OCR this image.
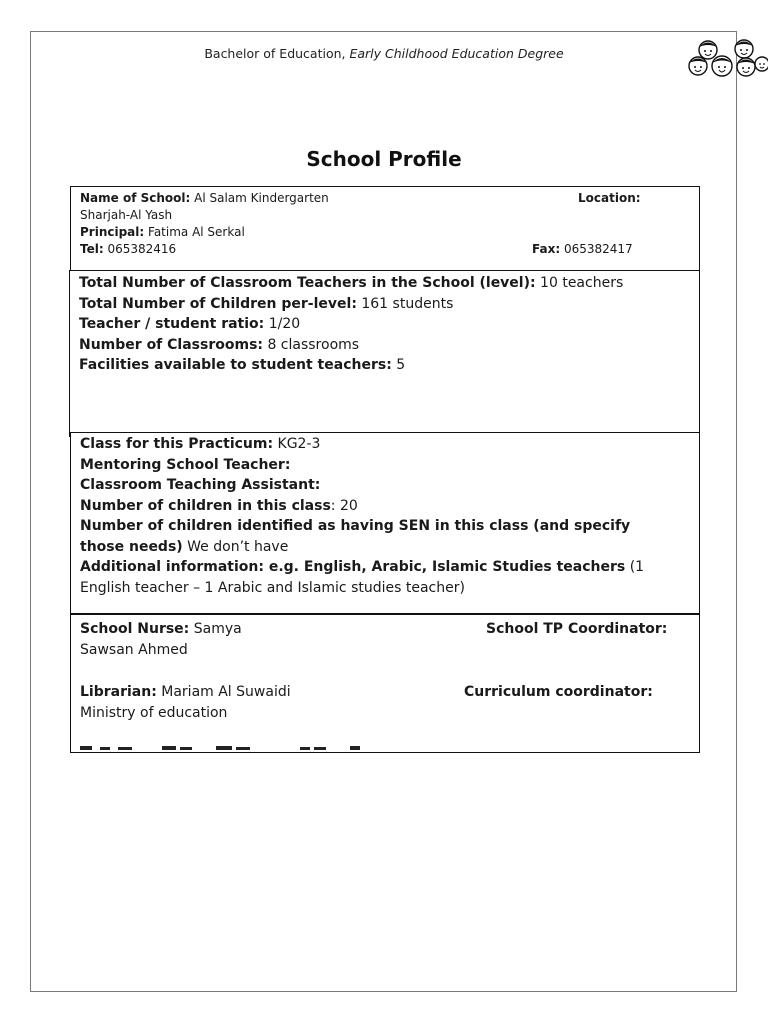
Bachelor of Education, Early Childhood Education Degree
School Profile
Name of School: Al Salam Kindergarten	Location:
Sharjah-Al Yash
Principal: Fatima Al Serkal
Tel: 065382416	Fax: 065382417
Total Number of Classroom Teachers in the School (level): 10 teachers
Total Number of Children per-level: 161 students
Teacher / student ratio: 1/20
Number of Classrooms: 8 classrooms
Facilities available to student teachers: 5
Class for this Practicum: KG2-3
Mentoring School Teacher:
Classroom Teaching Assistant:
Number of children in this class: 20
Number of children identified as having SEN in this class (and specify
those needs) We don’t have
Additional information: e.g. English, Arabic, Islamic Studies teachers (1
English teacher – 1 Arabic and Islamic studies teacher)
School Nurse: Samya	School TP Coordinator:
Sawsan Ahmed
Librarian: Mariam Al Suwaidi	Curriculum coordinator:
Ministry of education
